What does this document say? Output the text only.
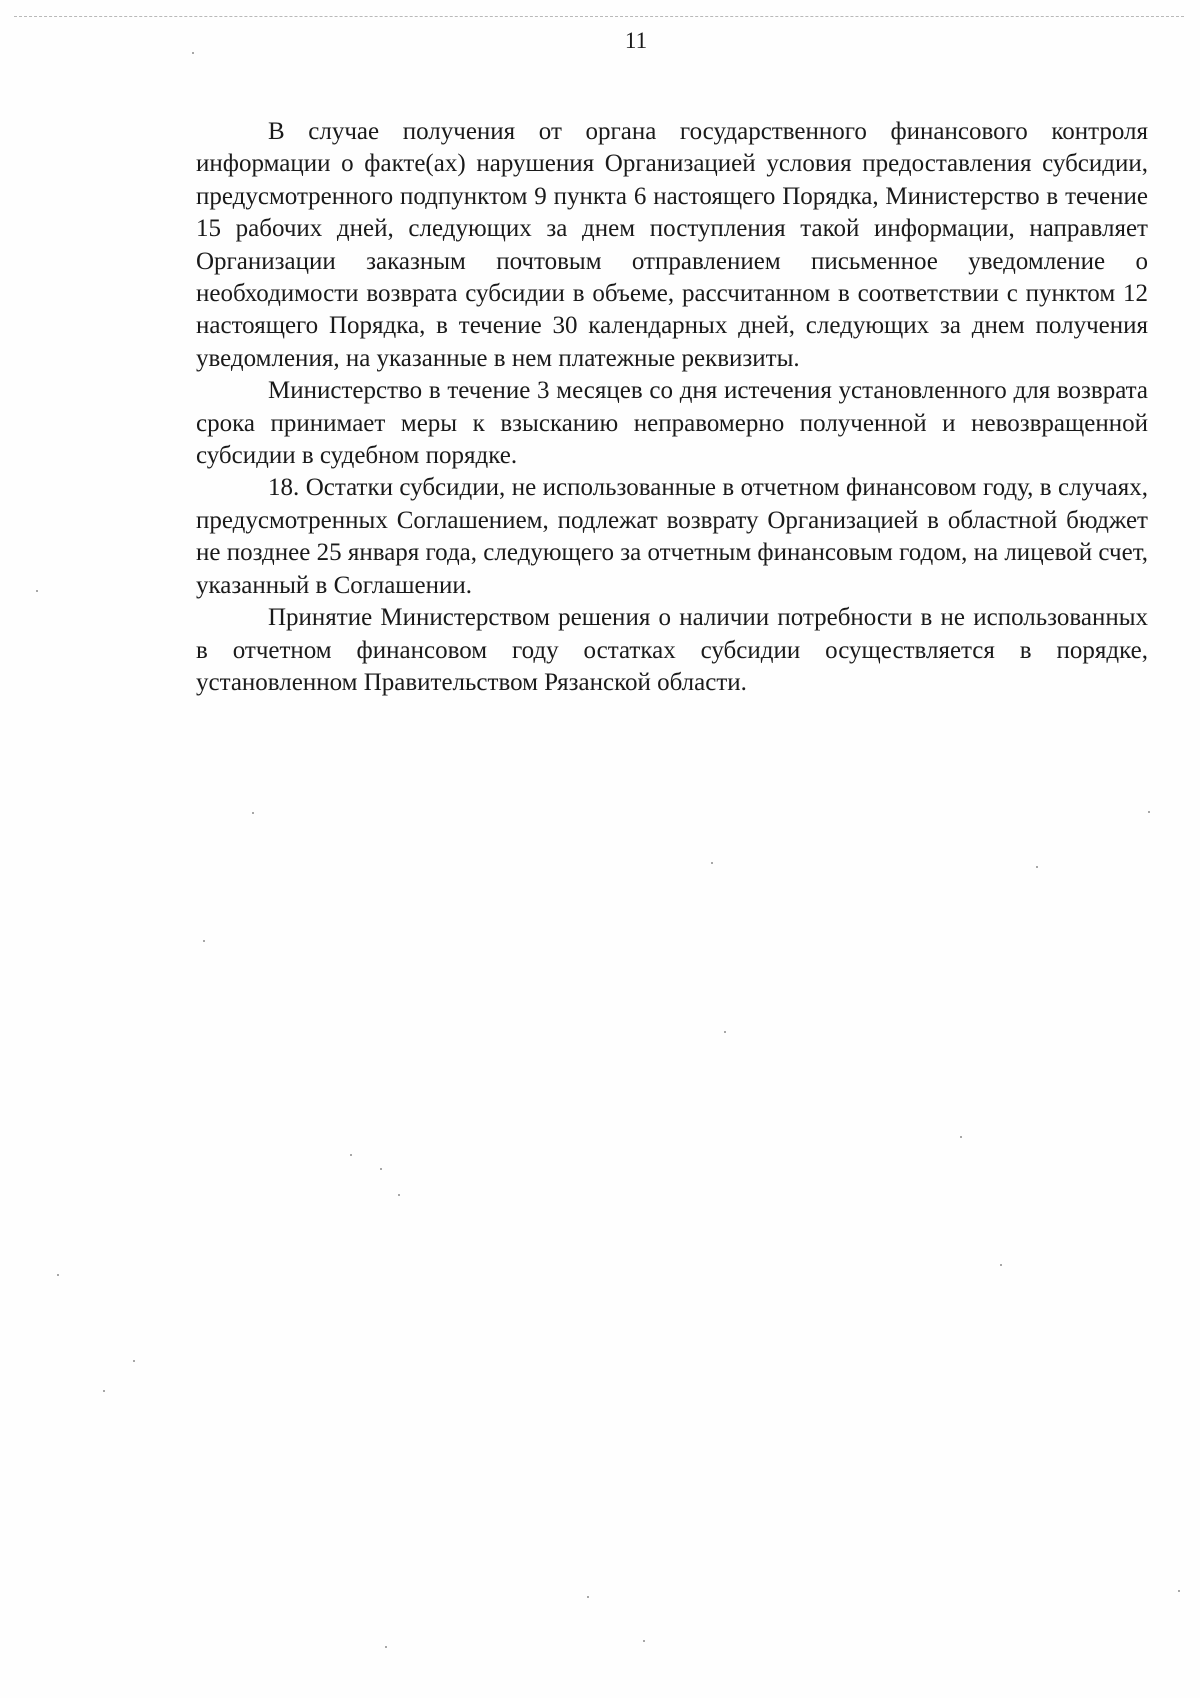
11

В случае получения от органа государственного финансового контроля информации о факте(ах) нарушения Организацией условия предоставления субсидии, предусмотренного подпунктом 9 пункта 6 настоящего Порядка, Министерство в течение 15 рабочих дней, следующих за днем поступления такой информации, направляет Организации заказным почтовым отправлением письменное уведомление о необходимости возврата субсидии в объеме, рассчитанном в соответствии с пунктом 12 настоящего Порядка, в течение 30 календарных дней, следующих за днем получения уведомления, на указанные в нем платежные реквизиты.

Министерство в течение 3 месяцев со дня истечения установленного для возврата срока принимает меры к взысканию неправомерно полученной и невозвращенной субсидии в судебном порядке.

18. Остатки субсидии, не использованные в отчетном финансовом году, в случаях, предусмотренных Соглашением, подлежат возврату Организацией в областной бюджет не позднее 25 января года, следующего за отчетным финансовым годом, на лицевой счет, указанный в Соглашении.

Принятие Министерством решения о наличии потребности в не использованных в отчетном финансовом году остатках субсидии осуществляется в порядке, установленном Правительством Рязанской области.
